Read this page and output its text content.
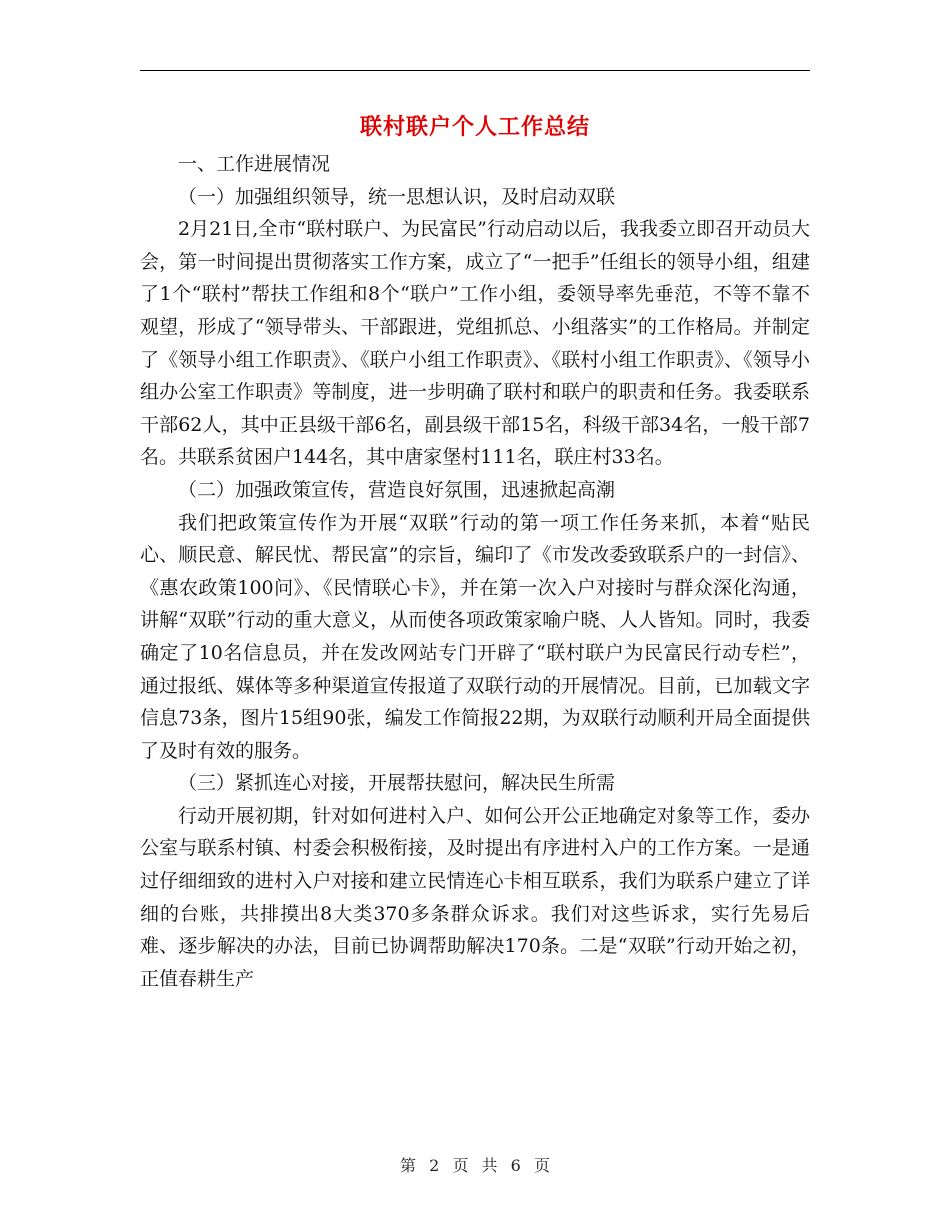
联村联户个人工作总结

一、工作进展情况

（一）加强组织领导，统一思想认识，及时启动双联

2月21日,全市“联村联户、为民富民”行动启动以后，我我委立即召开动员大会，第一时间提出贯彻落实工作方案，成立了“一把手”任组长的领导小组，组建了1个“联村”帮扶工作组和8个“联户”工作小组，委领导率先垂范，不等不靠不观望，形成了“领导带头、干部跟进，党组抓总、小组落实”的工作格局。并制定了《领导小组工作职责》、《联户小组工作职责》、《联村小组工作职责》、《领导小组办公室工作职责》等制度，进一步明确了联村和联户的职责和任务。我委联系干部62人，其中正县级干部6名，副县级干部15名，科级干部34名，一般干部7名。共联系贫困户144名，其中唐家堡村111名，联庄村33名。

（二）加强政策宣传，营造良好氛围，迅速掀起高潮

我们把政策宣传作为开展“双联”行动的第一项工作任务来抓，本着“贴民心、顺民意、解民忧、帮民富”的宗旨，编印了《市发改委致联系户的一封信》、《惠农政策100问》、《民情联心卡》，并在第一次入户对接时与群众深化沟通，讲解“双联”行动的重大意义，从而使各项政策家喻户晓、人人皆知。同时，我委确定了10名信息员，并在发改网站专门开辟了“联村联户为民富民行动专栏”，通过报纸、媒体等多种渠道宣传报道了双联行动的开展情况。目前，已加载文字信息73条，图片15组90张，编发工作简报22期，为双联行动顺利开局全面提供了及时有效的服务。

（三）紧抓连心对接，开展帮扶慰问，解决民生所需

行动开展初期，针对如何进村入户、如何公开公正地确定对象等工作，委办公室与联系村镇、村委会积极衔接，及时提出有序进村入户的工作方案。一是通过仔细细致的进村入户对接和建立民情连心卡相互联系，我们为联系户建立了详细的台账，共排摸出8大类370多条群众诉求。我们对这些诉求，实行先易后难、逐步解决的办法，目前已协调帮助解决170条。二是“双联”行动开始之初，正值春耕生产

第 2 页 共 6 页
